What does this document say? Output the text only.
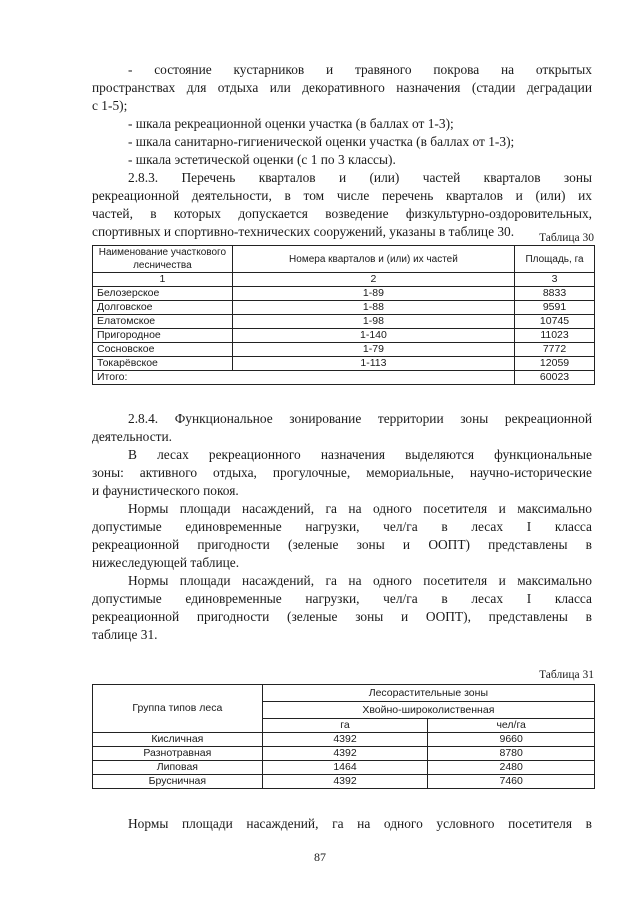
- состояние кустарников и травяного покрова на открытых
пространствах для отдыха или декоративного назначения (стадии деградации
с 1-5);
- шкала рекреационной оценки участка (в баллах от 1-3);
- шкала санитарно-гигиенической оценки участка (в баллах от 1-3);
- шкала эстетической оценки (с 1 по 3 классы).
2.8.3. Перечень кварталов и (или) частей кварталов зоны
рекреационной деятельности, в том числе перечень кварталов и (или) их
частей, в которых допускается возведение физкультурно-оздоровительных,
спортивных и спортивно-технических сооружений, указаны в таблице 30.	Таблица 30
Наименование участкового лесничества	Номера кварталов и (или) их частей	Площадь, га
1	2	3
Белозерское	1-89	8833
Долговское	1-88	9591
Елатомское	1-98	10745
Пригородное	1-140	11023
Сосновское	1-79	7772
Токарёвское	1-113	12059
Итого:		60023
2.8.4. Функциональное зонирование территории зоны рекреационной
деятельности.
В лесах рекреационного назначения выделяются функциональные
зоны: активного отдыха, прогулочные, мемориальные, научно-исторические
и фаунистического покоя.
Нормы площади насаждений, га на одного посетителя и максимально
допустимые единовременные нагрузки, чел/га в лесах I класса
рекреационной пригодности (зеленые зоны и ООПТ) представлены в
нижеследующей таблице.
Нормы площади насаждений, га на одного посетителя и максимально
допустимые единовременные нагрузки, чел/га в лесах I класса
рекреационной пригодности (зеленые зоны и ООПТ), представлены в
таблице 31.
Таблица 31
Группа типов леса	Лесорастительные зоны	
	Хвойно-широколиственная	
	га	чел/га
Кисличная	4392	9660
Разнотравная	4392	8780
Липовая	1464	2480
Брусничная	4392	7460
Нормы площади насаждений, га на одного условного посетителя в
87
